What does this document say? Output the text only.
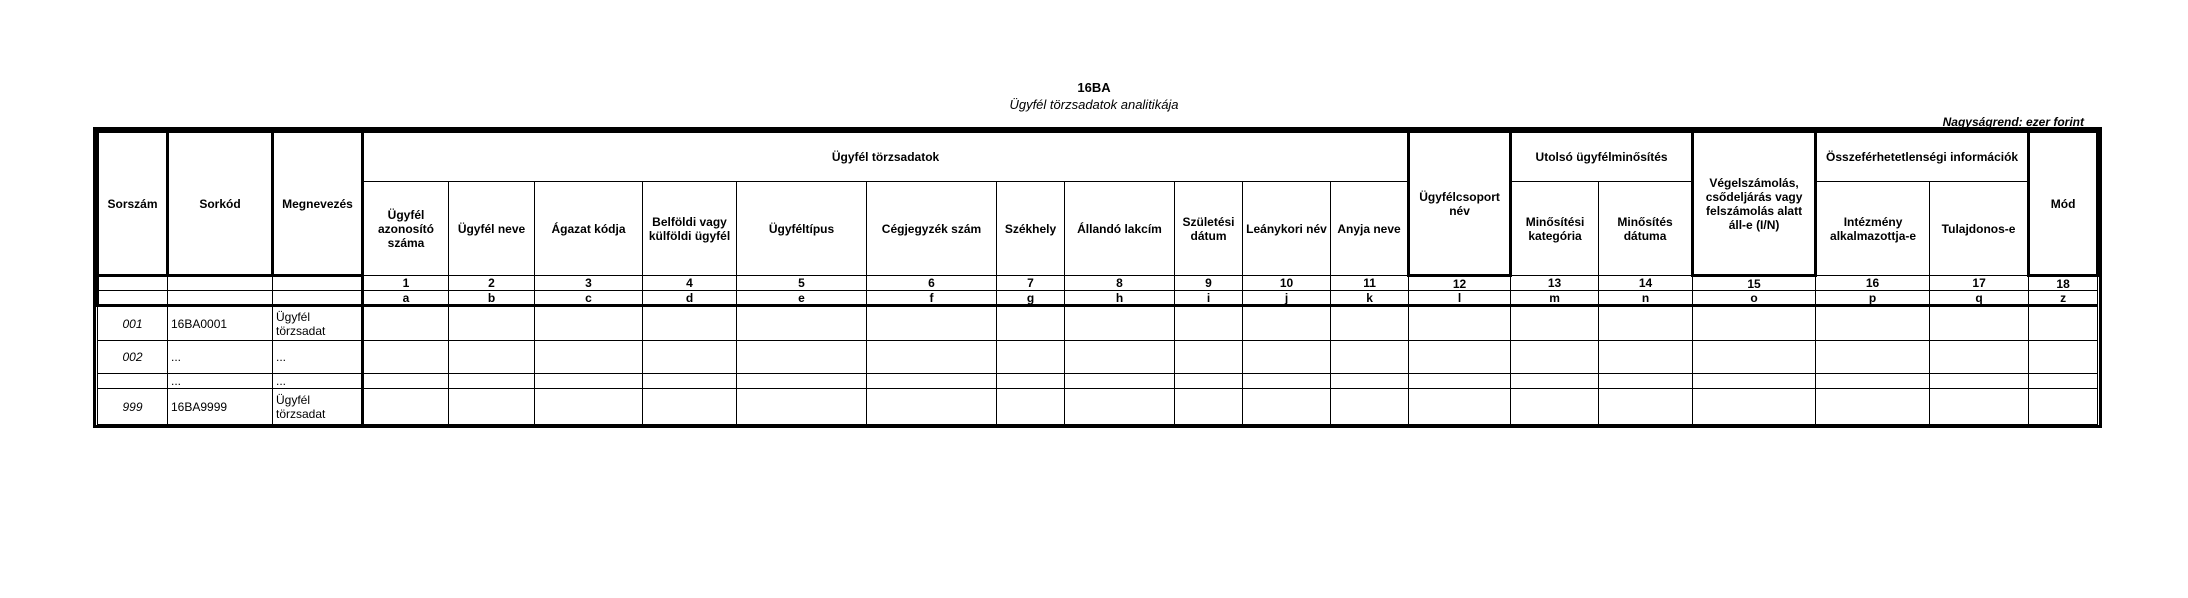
16BA
Ügyfél törzsadatok analitikája
Nagyságrend: ezer forint
Sorszám	Sorkód	Megnevezés	Ügyfél törzsadatok											Ügyfélcsoport név	Utolsó ügyfélminősítés		Végelszámolás, csődeljárás vagy felszámolás alatt áll-e (I/N)	Összeférhetetlenségi információk		Mód
			Ügyfél azonosító száma	Ügyfél neve	Ágazat kódja	Belföldi vagy külföldi ügyfél	Ügyféltípus	Cégjegyzék szám	Székhely	Állandó lakcím	Születési dátum	Leánykori név	Anyja neve		Minősítési kategória	Minősítés dátuma		Intézmény alkalmazottja-e	Tulajdonos-e	
			1	2	3	4	5	6	7	8	9	10	11	12	13	14	15	16	17	18
			a	b	c	d	e	f	g	h	i	j	k	l	m	n	o	p	q	z
001	16BA0001	Ügyfél törzsadat																		
002	...	...																		
	...	...																		
999	16BA9999	Ügyfél törzsadat																		
